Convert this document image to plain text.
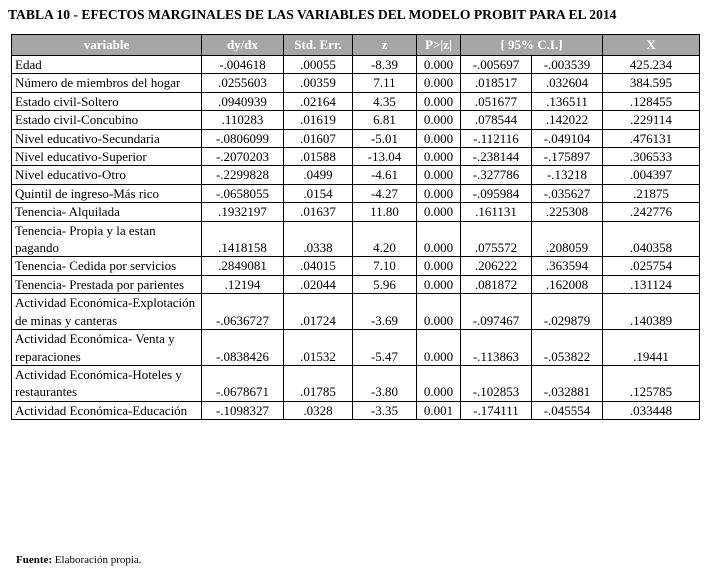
TABLA 10 - EFECTOS MARGINALES DE LAS VARIABLES DEL MODELO PROBIT PARA EL 2014
variable	dy/dx	Std. Err.	z	P>|z|	[ 95% C.I.]		X
Edad	-.004618	.00055	-8.39	0.000	-.005697	-.003539	425.234
Número de miembros del hogar	.0255603	.00359	7.11	0.000	.018517	.032604	384.595
Estado civil-Soltero	.0940939	.02164	4.35	0.000	.051677	.136511	.128455
Estado civil-Concubino	.110283	.01619	6.81	0.000	.078544	.142022	.229114
Nivel educativo-Secundaria	-.0806099	.01607	-5.01	0.000	-.112116	-.049104	.476131
Nivel educativo-Superior	-.2070203	.01588	-13.04	0.000	-.238144	-.175897	.306533
Nivel educativo-Otro	-.2299828	.0499	-4.61	0.000	-.327786	-.13218	.004397
Quintil de ingreso-Más rico	-.0658055	.0154	-4.27	0.000	-.095984	-.035627	.21875
Tenencia- Alquilada	.1932197	.01637	11.80	0.000	.161131	.225308	.242776
Tenencia- Propia y la estan pagando	.1418158	.0338	4.20	0.000	.075572	.208059	.040358
Tenencia- Cedida por servicios	.2849081	.04015	7.10	0.000	.206222	.363594	.025754
Tenencia- Prestada por parientes	.12194	.02044	5.96	0.000	.081872	.162008	.131124
Actividad Económica-Explotación de minas y canteras	-.0636727	.01724	-3.69	0.000	-.097467	-.029879	.140389
Actividad Económica- Venta y reparaciones	-.0838426	.01532	-5.47	0.000	-.113863	-.053822	.19441
Actividad Económica-Hoteles y restaurantes	-.0678671	.01785	-3.80	0.000	-.102853	-.032881	.125785
Actividad Económica-Educación	-.1098327	.0328	-3.35	0.001	-.174111	-.045554	.033448
Fuente: Elaboración propia.
